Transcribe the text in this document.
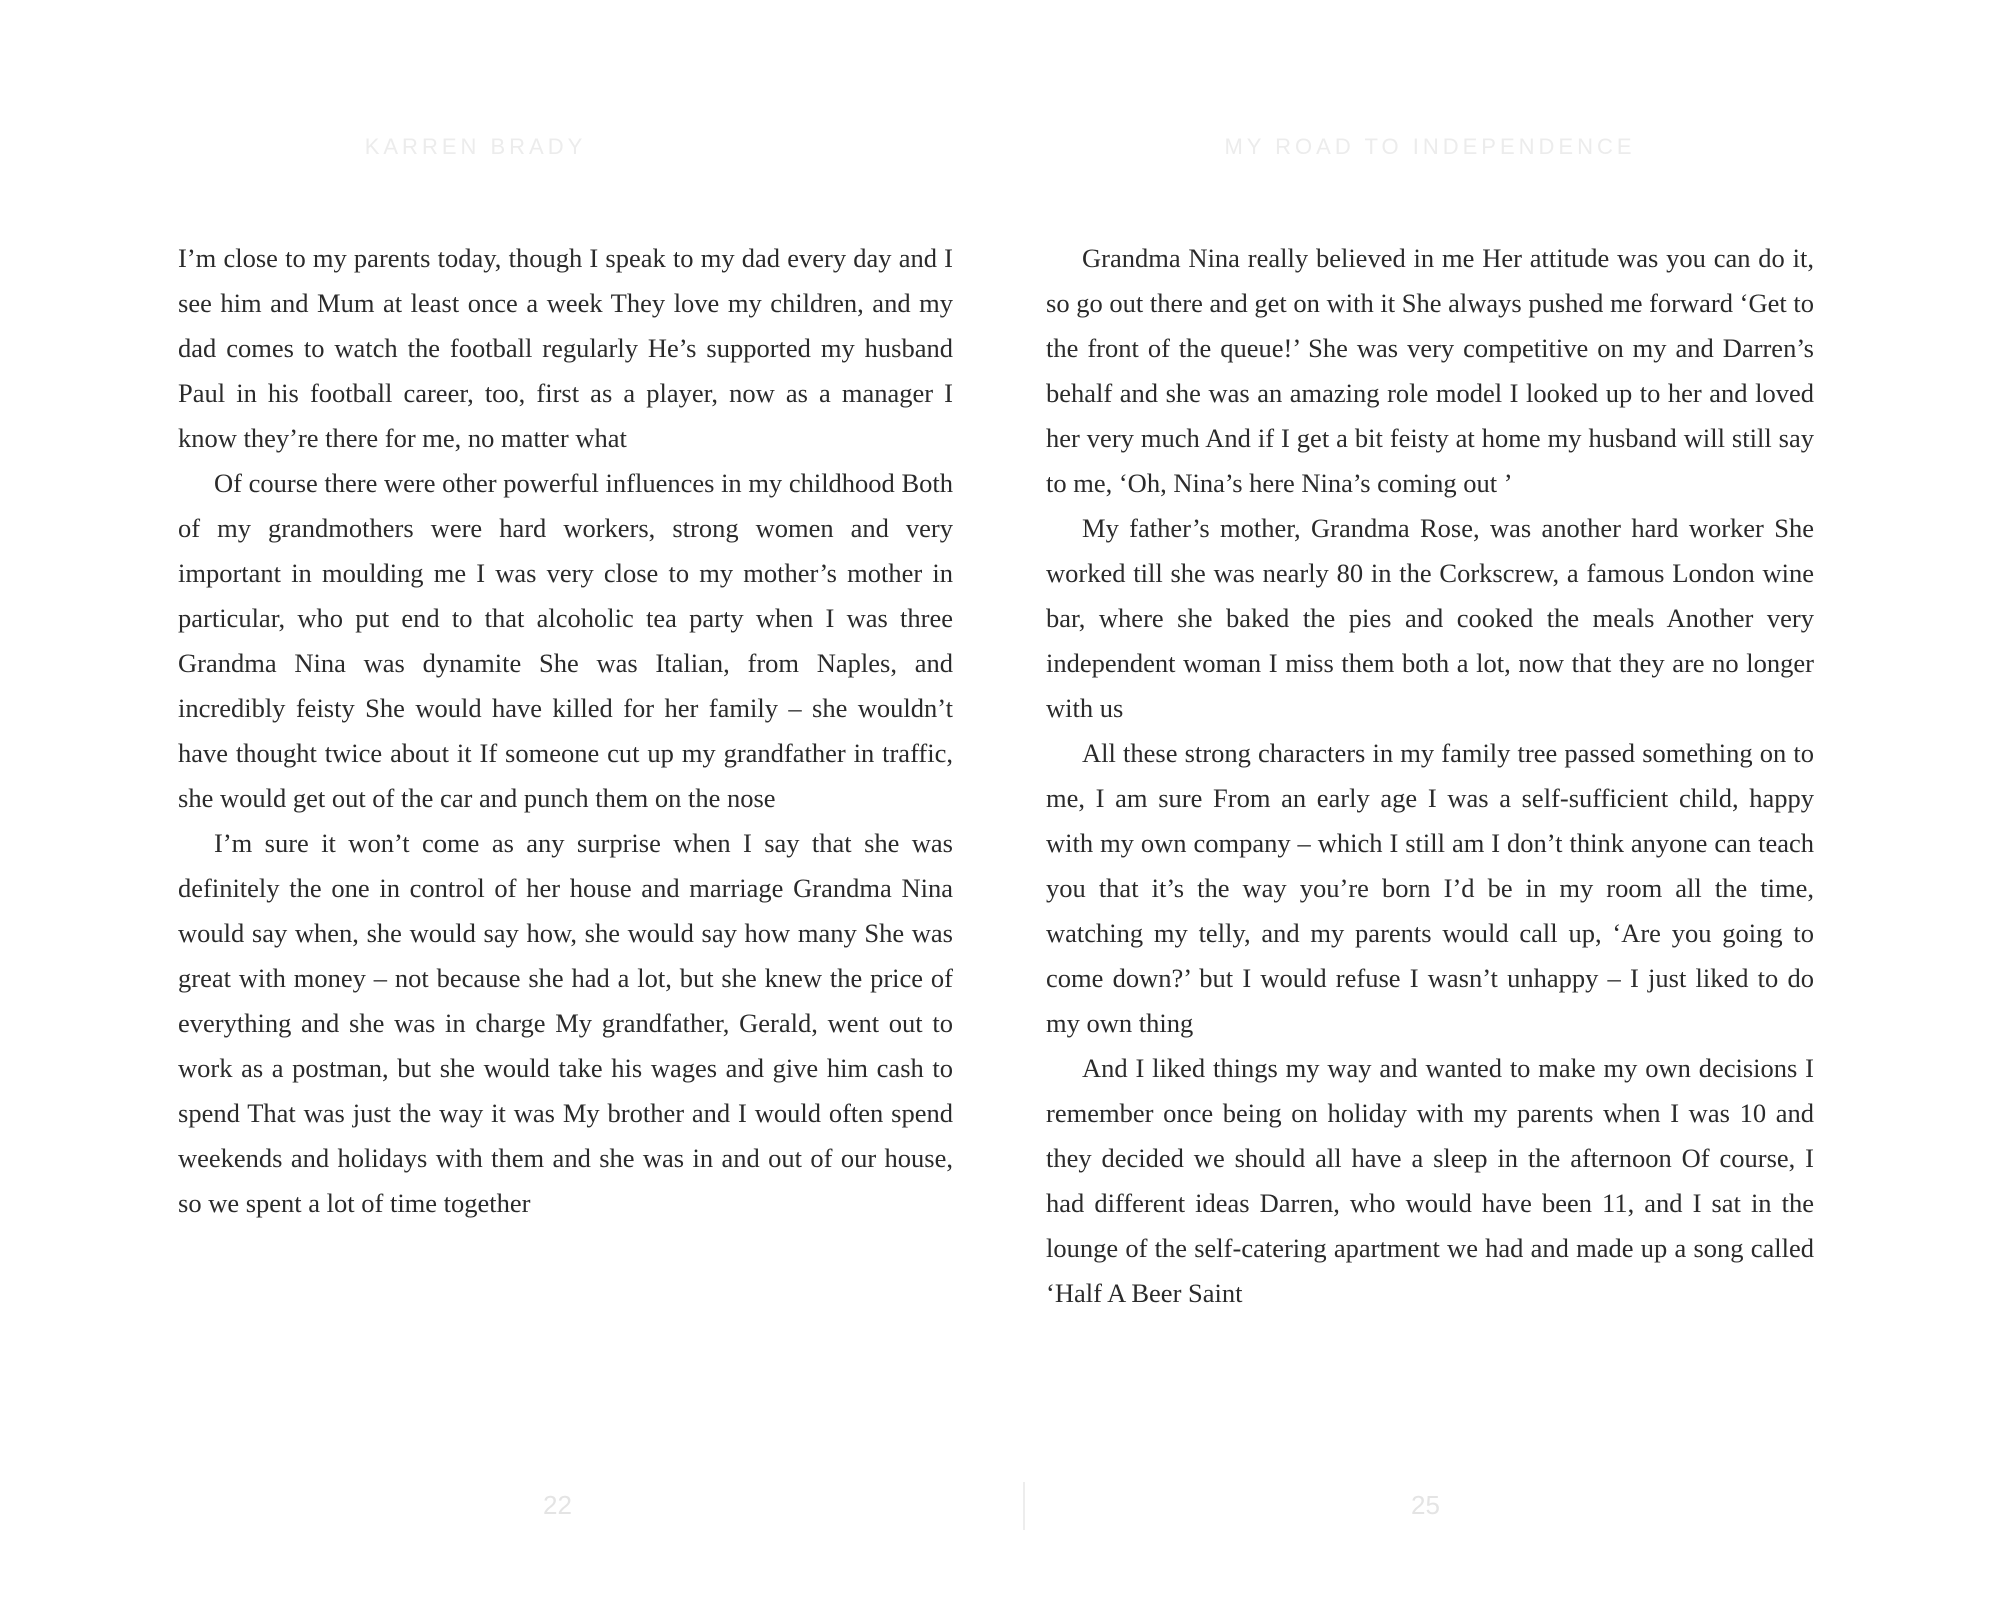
KARREN BRADY

I’m close to my parents today, though I speak to my dad every day and I see him and Mum at least once a week They love my children, and my dad comes to watch the football regularly He’s supported my husband Paul in his football career, too, first as a player, now as a manager I know they’re there for me, no matter what

Of course there were other powerful influences in my childhood Both of my grandmothers were hard workers, strong women and very important in moulding me I was very close to my mother’s mother in particular, who put end to that alcoholic tea party when I was three Grandma Nina was dynamite She was Italian, from Naples, and incredibly feisty She would have killed for her family – she wouldn’t have thought twice about it If someone cut up my grandfather in traffic, she would get out of the car and punch them on the nose

I’m sure it won’t come as any surprise when I say that she was definitely the one in control of her house and marriage Grandma Nina would say when, she would say how, she would say how many She was great with money – not because she had a lot, but she knew the price of everything and she was in charge My grandfather, Gerald, went out to work as a postman, but she would take his wages and give him cash to spend That was just the way it was My brother and I would often spend weekends and holidays with them and she was in and out of our house, so we spent a lot of time together

22
MY ROAD TO INDEPENDENCE

Grandma Nina really believed in me Her attitude was you can do it, so go out there and get on with it She always pushed me forward ‘Get to the front of the queue!’ She was very competitive on my and Darren’s behalf and she was an amazing role model I looked up to her and loved her very much And if I get a bit feisty at home my husband will still say to me, ‘Oh, Nina’s here Nina’s coming out ’

My father’s mother, Grandma Rose, was another hard worker She worked till she was nearly 80 in the Corkscrew, a famous London wine bar, where she baked the pies and cooked the meals Another very independent woman I miss them both a lot, now that they are no longer with us

All these strong characters in my family tree passed something on to me, I am sure From an early age I was a self-sufficient child, happy with my own company – which I still am I don’t think anyone can teach you that it’s the way you’re born I’d be in my room all the time, watching my telly, and my parents would call up, ‘Are you going to come down?’ but I would refuse I wasn’t unhappy – I just liked to do my own thing

And I liked things my way and wanted to make my own decisions I remember once being on holiday with my parents when I was 10 and they decided we should all have a sleep in the afternoon Of course, I had different ideas Darren, who would have been 11, and I sat in the lounge of the self-catering apartment we had and made up a song called ‘Half A Beer Saint

25
